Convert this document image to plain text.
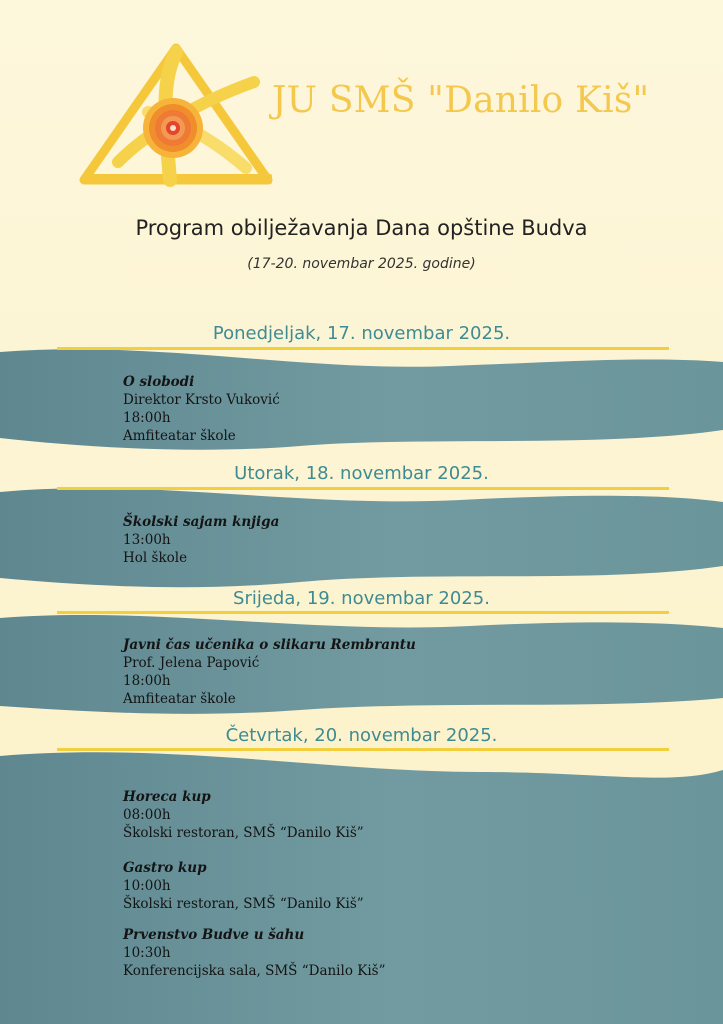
JU SMŠ "Danilo Kiš"
Program obilježavanja Dana opštine Budva
(17-20. novembar 2025. godine)
Ponedjeljak, 17. novembar 2025.
O slobodi
Direktor Krsto Vuković
18:00h
Amfiteatar škole
Utorak, 18. novembar 2025.
Školski sajam knjiga
13:00h
Hol škole
Srijeda, 19. novembar 2025.
Javni čas učenika o slikaru Rembrantu
Prof. Jelena Papović
18:00h
Amfiteatar škole
Četvrtak, 20. novembar 2025.
Horeca kup
08:00h
Školski restoran, SMŠ “Danilo Kiš”
Gastro kup
10:00h
Školski restoran, SMŠ “Danilo Kiš”
Prvenstvo Budve u šahu
10:30h
Konferencijska sala, SMŠ “Danilo Kiš”
